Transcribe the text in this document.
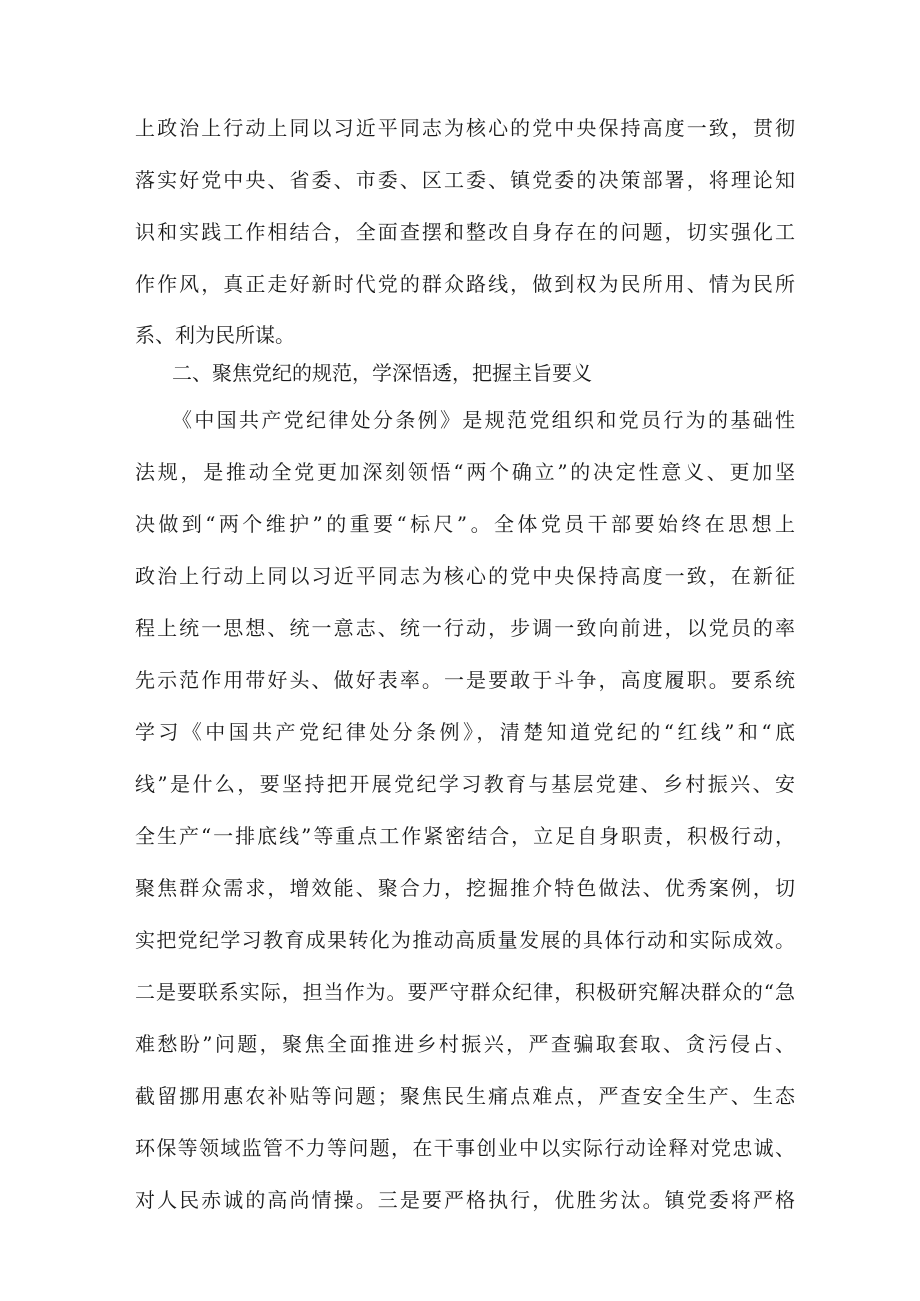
上政治上行动上同以习近平同志为核心的党中央保持高度一致，贯彻
落实好党中央、省委、市委、区工委、镇党委的决策部署，将理论知
识和实践工作相结合，全面查摆和整改自身存在的问题，切实强化工
作作风，真正走好新时代党的群众路线，做到权为民所用、情为民所
系、利为民所谋。
二、聚焦党纪的规范，学深悟透，把握主旨要义
《中国共产党纪律处分条例》是规范党组织和党员行为的基础性
法规，是推动全党更加深刻领悟“两个确立”的决定性意义、更加坚
决做到“两个维护”的重要“标尺”。全体党员干部要始终在思想上
政治上行动上同以习近平同志为核心的党中央保持高度一致，在新征
程上统一思想、统一意志、统一行动，步调一致向前进，以党员的率
先示范作用带好头、做好表率。一是要敢于斗争，高度履职。要系统
学习《中国共产党纪律处分条例》，清楚知道党纪的“红线”和“底
线”是什么，要坚持把开展党纪学习教育与基层党建、乡村振兴、安
全生产“一排底线”等重点工作紧密结合，立足自身职责，积极行动，
聚焦群众需求，增效能、聚合力，挖掘推介特色做法、优秀案例，切
实把党纪学习教育成果转化为推动高质量发展的具体行动和实际成效。
二是要联系实际，担当作为。要严守群众纪律，积极研究解决群众的“急
难愁盼”问题，聚焦全面推进乡村振兴，严查骗取套取、贪污侵占、
截留挪用惠农补贴等问题；聚焦民生痛点难点，严查安全生产、生态
环保等领域监管不力等问题，在干事创业中以实际行动诠释对党忠诚、
对人民赤诚的高尚情操。三是要严格执行，优胜劣汰。镇党委将严格
